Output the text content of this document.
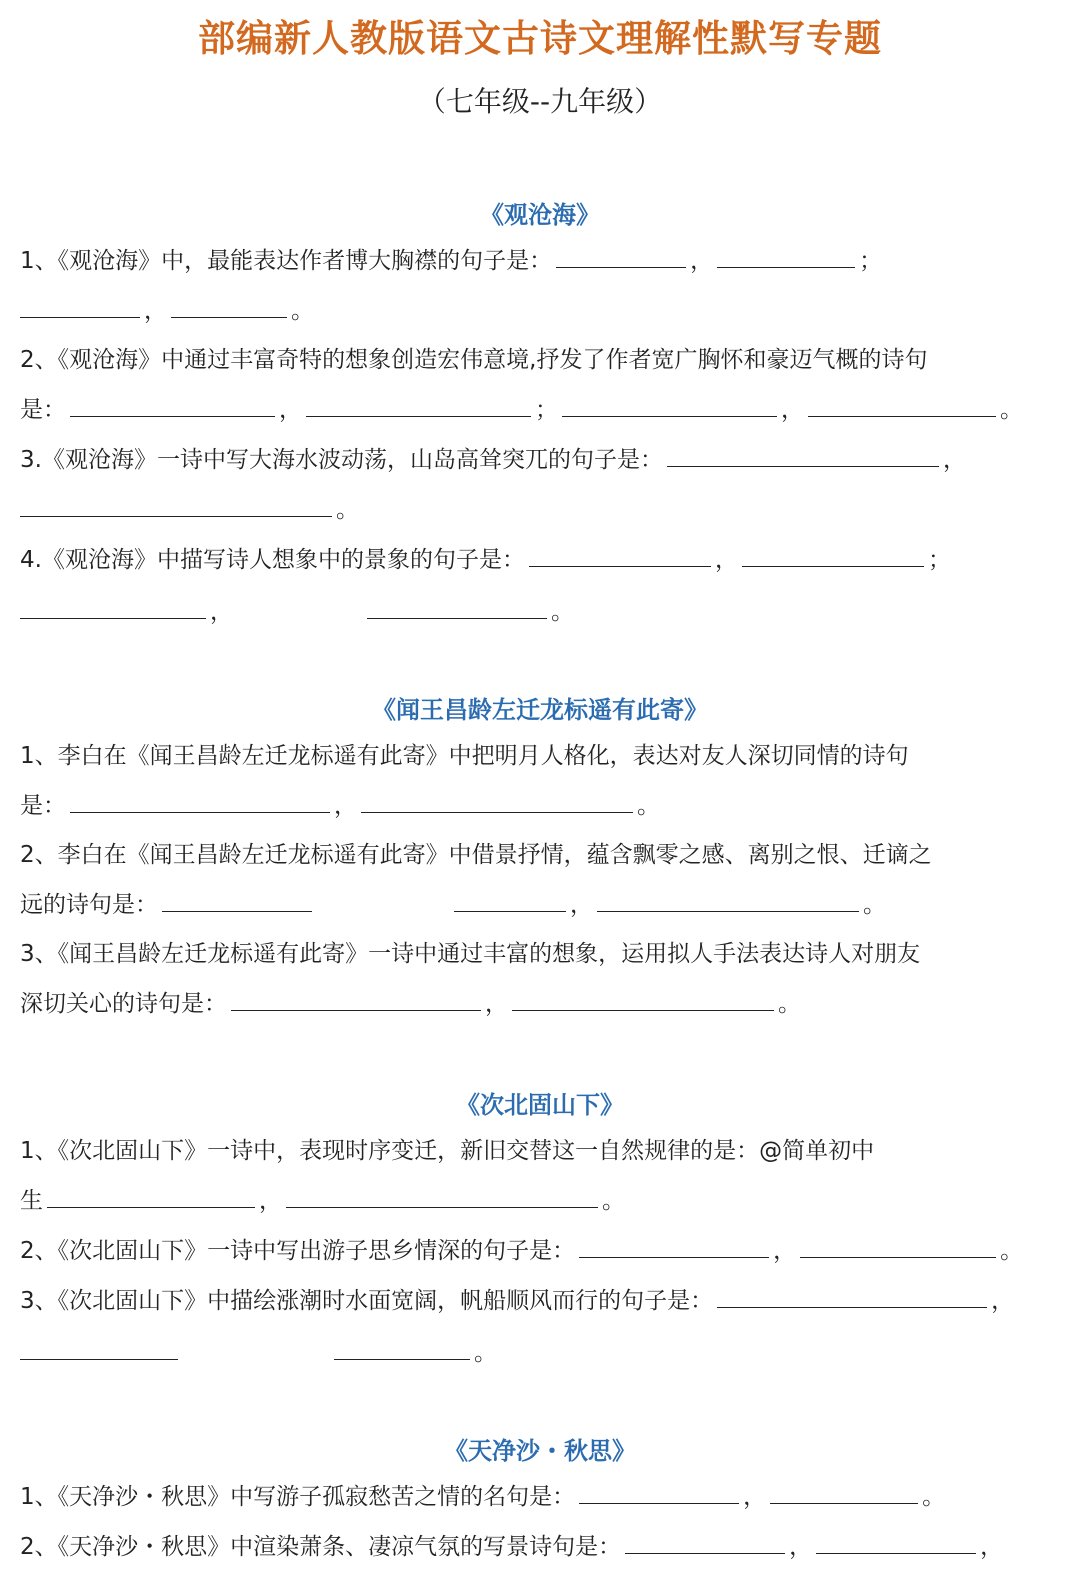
部编新人教版语文古诗文理解性默写专题
（七年级--九年级）
《观沧海》
1、《观沧海》中，最能表达作者博大胸襟的句子是：	，	；
，	。
2、《观沧海》中通过丰富奇特的想象创造宏伟意境,抒发了作者宽广胸怀和豪迈气概的诗句
是：	，	；	，	。
3.《观沧海》一诗中写大海水波动荡，山岛高耸突兀的句子是：	，
。
4.《观沧海》中描写诗人想象中的景象的句子是：	，	；
，	。
《闻王昌龄左迁龙标遥有此寄》
1、李白在《闻王昌龄左迁龙标遥有此寄》中把明月人格化，表达对友人深切同情的诗句
是：	，	。
2、李白在《闻王昌龄左迁龙标遥有此寄》中借景抒情，蕴含飘零之感、离别之恨、迁谪之
远的诗句是：	，	。
3、《闻王昌龄左迁龙标遥有此寄》一诗中通过丰富的想象，运用拟人手法表达诗人对朋友
深切关心的诗句是：	，	。
《次北固山下》
1、《次北固山下》一诗中，表现时序变迁，新旧交替这一自然规律的是：@简单初中
生	，	。
2、《次北固山下》一诗中写出游子思乡情深的句子是：	，	。
3、《次北固山下》中描绘涨潮时水面宽阔，帆船顺风而行的句子是：	，
。
《天净沙・秋思》
1、《天净沙・秋思》中写游子孤寂愁苦之情的名句是：	，	。
2、《天净沙・秋思》中渲染萧条、凄凉气氛的写景诗句是：	，	，
